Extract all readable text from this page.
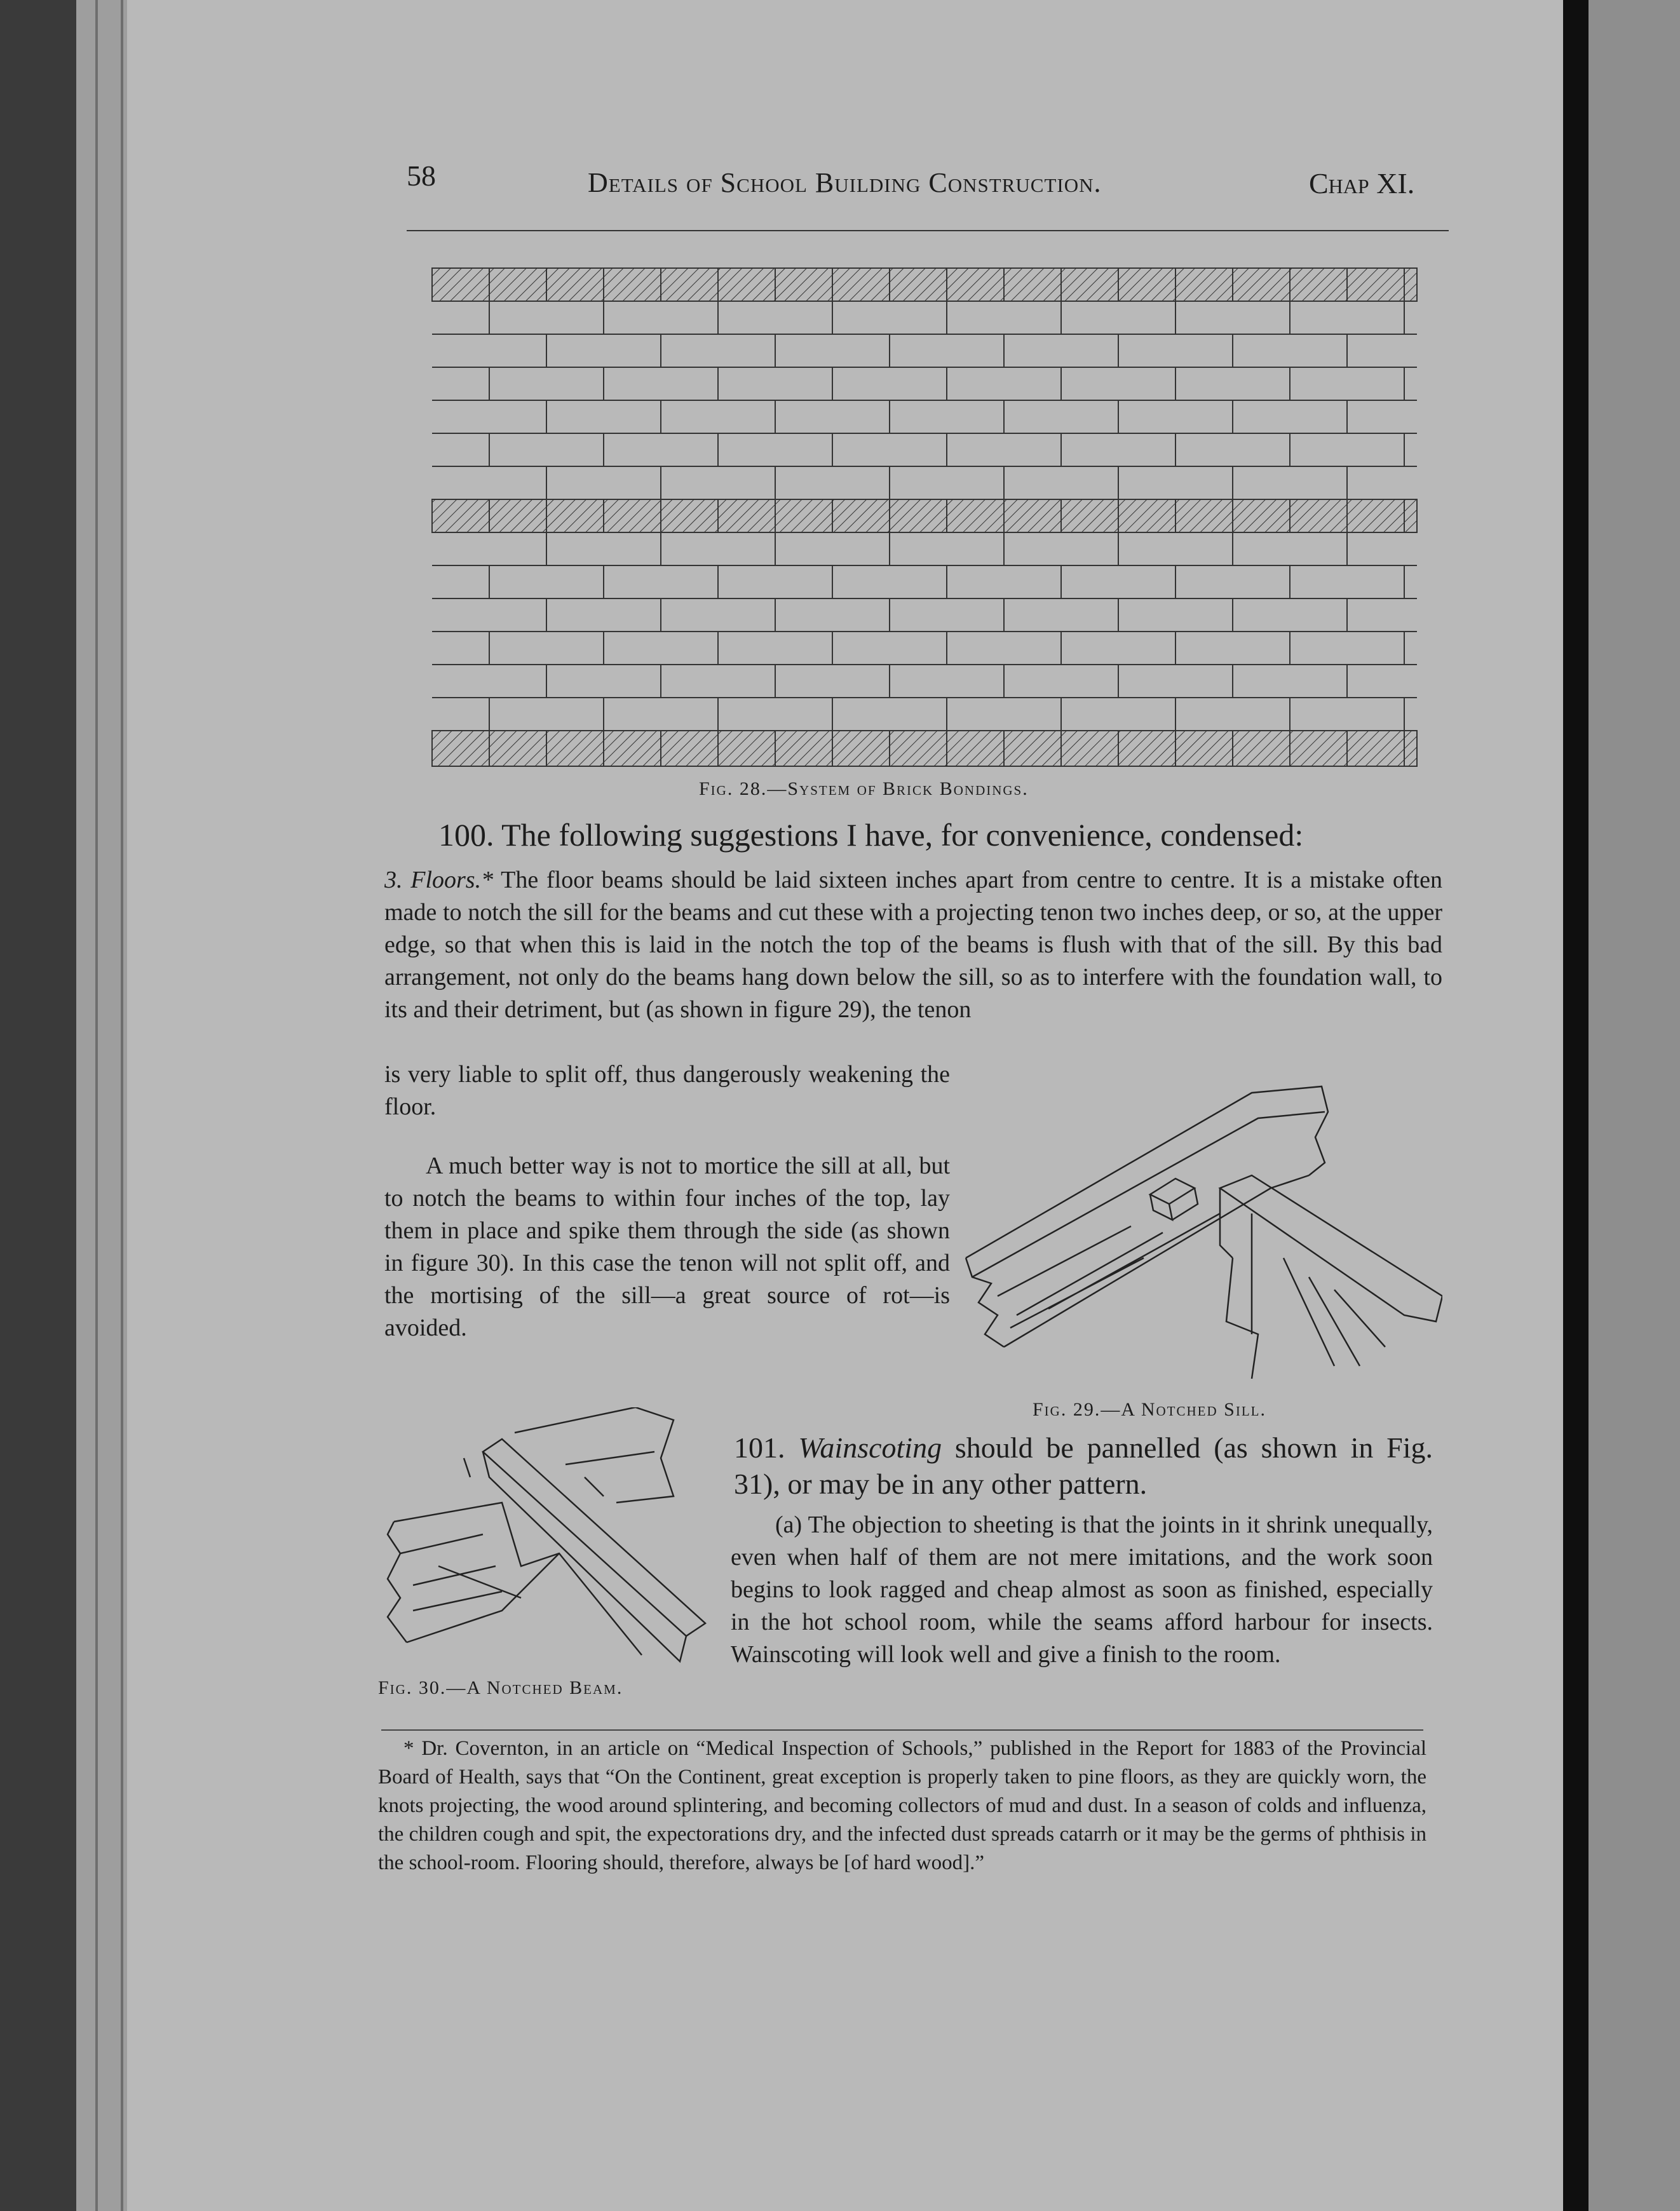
58	Details of School Building Construction.	Chap XI.
Fig. 28.—System of Brick Bondings.
100. The following suggestions I have, for convenience, condensed:
3. Floors.* The floor beams should be laid sixteen inches apart from centre to centre. It is a mistake often made to notch the sill for the beams and cut these with a projecting tenon two inches deep, or so, at the upper edge, so that when this is laid in the notch the top of the beams is flush with that of the sill. By this bad arrangement, not only do the beams hang down below the sill, so as to interfere with the foundation wall, to its and their detriment, but (as shown in figure 29), the tenon
is very liable to split off, thus dangerously weakening the floor.
A much better way is not to mortice the sill at all, but to notch the beams to within four inches of the top, lay them in place and spike them through the side (as shown in figure 30). In this case the tenon will not split off, and the mortising of the sill—a great source of rot—is avoided.
Fig. 29.—A Notched Sill.
Fig. 30.—A Notched Beam.
101. Wainscoting should be pannelled (as shown in Fig. 31), or may be in any other pattern.
(a) The objection to sheeting is that the joints in it shrink unequally, even when half of them are not mere imitations, and the work soon begins to look ragged and cheap almost as soon as finished, especially in the hot school room, while the seams afford harbour for insects. Wainscoting will look well and give a finish to the room.
* Dr. Covernton, in an article on “Medical Inspection of Schools,” published in the Report for 1883 of the Provincial Board of Health, says that “On the Continent, great exception is properly taken to pine floors, as they are quickly worn, the knots projecting, the wood around splintering, and becoming collectors of mud and dust. In a season of colds and influenza, the children cough and spit, the expectorations dry, and the infected dust spreads catarrh or it may be the germs of phthisis in the school-room. Flooring should, therefore, always be [of hard wood].”
